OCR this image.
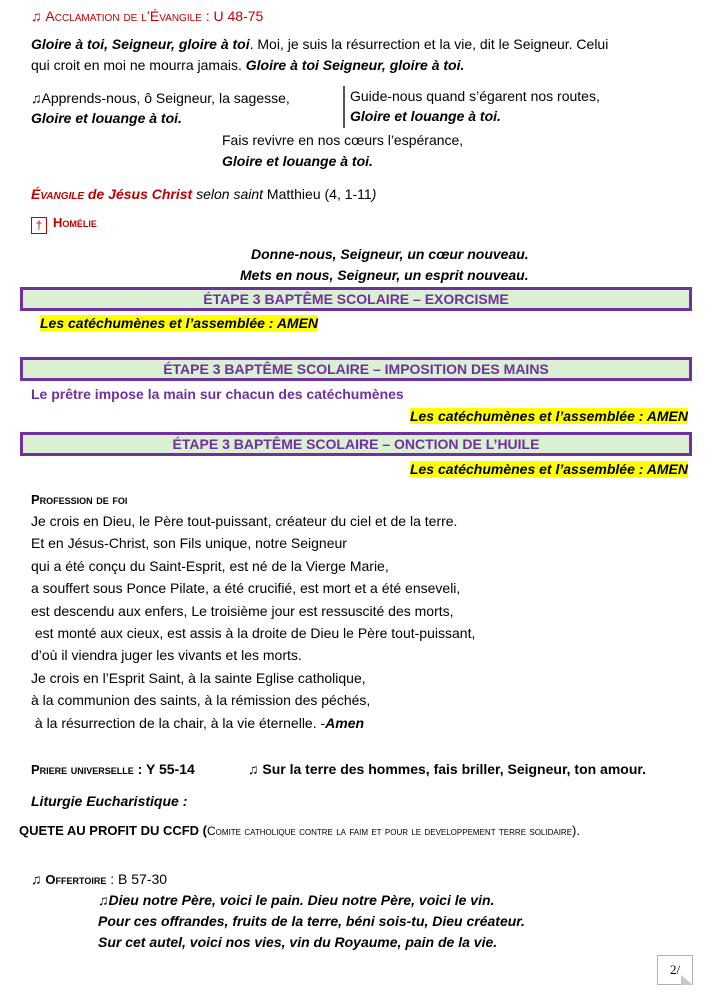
♫ Acclamation de l’Évangile : U 48-75
Gloire à toi, Seigneur, gloire à toi. Moi, je suis la résurrection et la vie, dit le Seigneur. Celui
qui croit en moi ne mourra jamais. Gloire à toi Seigneur, gloire à toi.
♫Apprends-nous, ô Seigneur, la sagesse,
Gloire et louange à toi.
Guide-nous quand s’égarent nos routes,
Gloire et louange à toi.
Fais revivre en nos cœurs l’espérance,
Gloire et louange à toi.
Évangile de Jésus Christ selon saint Matthieu (4, 1-11)
† Homélie
Donne-nous, Seigneur, un cœur nouveau.
Mets en nous, Seigneur, un esprit nouveau.
ÉTAPE 3 BAPTÊME SCOLAIRE – EXORCISME
Les catéchumènes et l’assemblée : AMEN
ÉTAPE 3 BAPTÊME SCOLAIRE – IMPOSITION DES MAINS
Le prêtre impose la main sur chacun des catéchumènes
Les catéchumènes et l’assemblée : AMEN
ÉTAPE 3 BAPTÊME SCOLAIRE – ONCTION DE L’HUILE
Les catéchumènes et l’assemblée : AMEN
Profession de foi
Je crois en Dieu, le Père tout-puissant, créateur du ciel et de la terre.
Et en Jésus-Christ, son Fils unique, notre Seigneur
qui a été conçu du Saint-Esprit, est né de la Vierge Marie,
a souffert sous Ponce Pilate, a été crucifié, est mort et a été enseveli,
est descendu aux enfers, Le troisième jour est ressuscité des morts,
est monté aux cieux, est assis à la droite de Dieu le Père tout-puissant,
d’où il viendra juger les vivants et les morts.
Je crois en l’Esprit Saint, à la sainte Eglise catholique,
à la communion des saints, à la rémission des péchés,
à la résurrection de la chair, à la vie éternelle. -Amen
Priere universelle : Y 55-14	♫ Sur la terre des hommes, fais briller, Seigneur, ton amour.
Liturgie Eucharistique :
QUETE AU PROFIT DU CCFD (Comite catholique contre la faim et pour le developpement terre solidaire).
♫ Offertoire : B 57-30
♫Dieu notre Père, voici le pain. Dieu notre Père, voici le vin.
Pour ces offrandes, fruits de la terre, béni sois-tu, Dieu créateur.
Sur cet autel, voici nos vies, vin du Royaume, pain de la vie.
2/
